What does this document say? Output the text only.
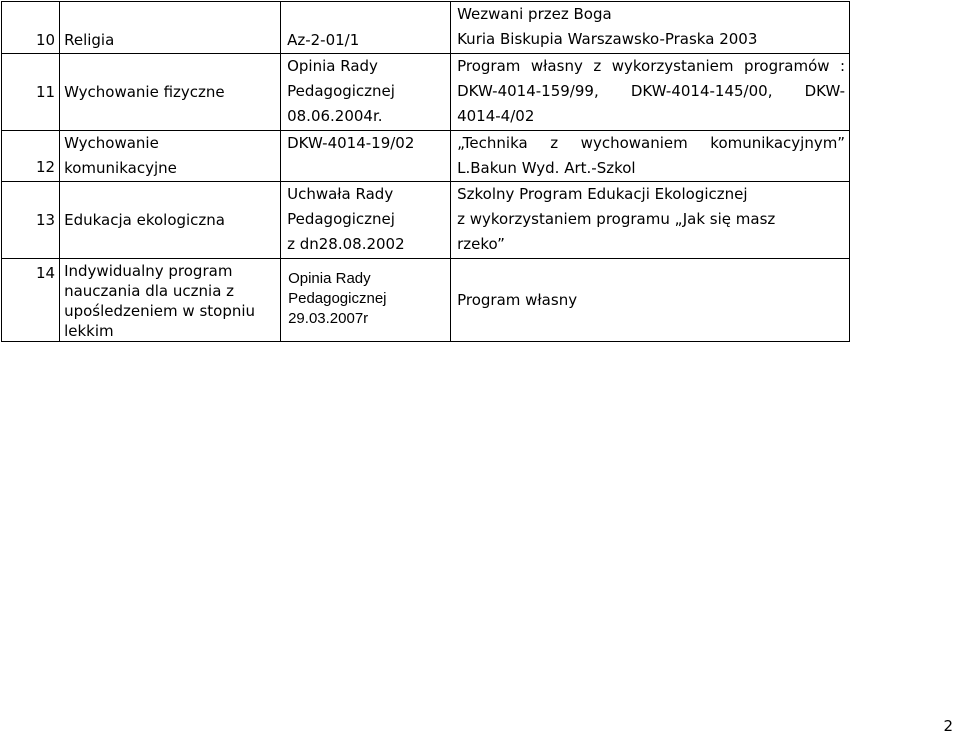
10	Religia	Az-2-01/1	Wezwani przez Boga
Kuria Biskupia Warszawsko-Praska 2003

11	Wychowanie fizyczne	Opinia Rady
Pedagogicznej
08.06.2004r.	Program własny z wykorzystaniem programów :
DKW-4014-159/99, DKW-4014-145/00, DKW-
4014-4/02

12	Wychowanie
komunikacyjne	DKW-4014-19/02	„Technika z wychowaniem komunikacyjnym”
L.Bakun Wyd. Art.-Szkol

13	Edukacja ekologiczna	Uchwała Rady
Pedagogicznej
z dn28.08.2002	Szkolny Program Edukacji Ekologicznej
z wykorzystaniem programu „Jak się masz
rzeko”

14	Indywidualny program
nauczania dla ucznia z
upośledzeniem w stopniu
lekkim	Opinia Rady
Pedagogicznej
29.03.2007r	Program własny
2
